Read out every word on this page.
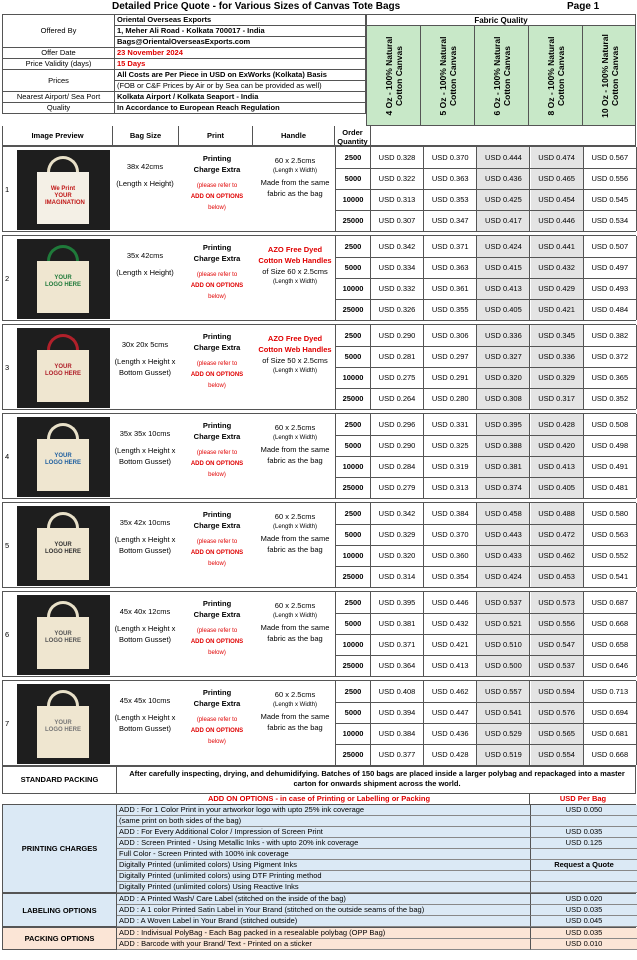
Detailed Price Quote - for Various Sizes of Canvas Tote Bags	Page 1
Offered By	Oriental Overseas Exports
	1, Meher Ali Road - Kolkata 700017 - India
	Bags@OrientalOverseasExports.com
Offer Date	23 November 2024
Price Validity (days)	15 Days
Prices	All Costs are Per Piece in USD on ExWorks (Kolkata) Basis
	(FOB or C&F Prices by Air or by Sea can be provided as well)
Nearest Airport/ Sea Port	Kolkata Airport / Kolkata Seaport - India
Quality	In Accordance to European Reach Regulation
Fabric Quality
4 Oz - 100% Natural Cotton Canvas	5 Oz - 100% Natural Cotton Canvas	6 Oz - 100% Natural Cotton Canvas	8 Oz - 100% Natural Cotton Canvas	10 Oz - 100% Natural Cotton Canvas
Image Preview	Bag Size	Print	Handle	Order Quantity
1	We Print YOUR IMAGINATION
38x 42cms
(Length x Height)
Printing Charge Extra
(please refer to
ADD ON OPTIONS
below)
60 x 2.5cms
(Length x Width)
Made from the same fabric as the bag
2500	USD 0.328	USD 0.370	USD 0.444	USD 0.474	USD 0.567
5000	USD 0.322	USD 0.363	USD 0.436	USD 0.465	USD 0.556
10000	USD 0.313	USD 0.353	USD 0.425	USD 0.454	USD 0.545
25000	USD 0.307	USD 0.347	USD 0.417	USD 0.446	USD 0.534
2	YOUR LOGO HERE
35x 42cms
(Length x Height)
Printing Charge Extra
(please refer to
ADD ON OPTIONS
below)
AZO Free Dyed Cotton Web Handles
of Size 60 x 2.5cms
(Length x Width)
2500	USD 0.342	USD 0.371	USD 0.424	USD 0.441	USD 0.507
5000	USD 0.334	USD 0.363	USD 0.415	USD 0.432	USD 0.497
10000	USD 0.332	USD 0.361	USD 0.413	USD 0.429	USD 0.493
25000	USD 0.326	USD 0.355	USD 0.405	USD 0.421	USD 0.484
3	YOUR LOGO HERE
30x 20x 5cms
(Length x Height x Bottom Gusset)
Printing Charge Extra
(please refer to
ADD ON OPTIONS
below)
AZO Free Dyed Cotton Web Handles
of Size 50 x 2.5cms
(Length x Width)
2500	USD 0.290	USD 0.306	USD 0.336	USD 0.345	USD 0.382
5000	USD 0.281	USD 0.297	USD 0.327	USD 0.336	USD 0.372
10000	USD 0.275	USD 0.291	USD 0.320	USD 0.329	USD 0.365
25000	USD 0.264	USD 0.280	USD 0.308	USD 0.317	USD 0.352
4	YOUR LOGO HERE
35x 35x 10cms
(Length x Height x Bottom Gusset)
Printing Charge Extra
(please refer to
ADD ON OPTIONS
below)
60 x 2.5cms
(Length x Width)
Made from the same fabric as the bag
2500	USD 0.296	USD 0.331	USD 0.395	USD 0.428	USD 0.508
5000	USD 0.290	USD 0.325	USD 0.388	USD 0.420	USD 0.498
10000	USD 0.284	USD 0.319	USD 0.381	USD 0.413	USD 0.491
25000	USD 0.279	USD 0.313	USD 0.374	USD 0.405	USD 0.481
5	YOUR LOGO HERE
35x 42x 10cms
(Length x Height x Bottom Gusset)
Printing Charge Extra
(please refer to
ADD ON OPTIONS
below)
60 x 2.5cms
(Length x Width)
Made from the same fabric as the bag
2500	USD 0.342	USD 0.384	USD 0.458	USD 0.488	USD 0.580
5000	USD 0.329	USD 0.370	USD 0.443	USD 0.472	USD 0.563
10000	USD 0.320	USD 0.360	USD 0.433	USD 0.462	USD 0.552
25000	USD 0.314	USD 0.354	USD 0.424	USD 0.453	USD 0.541
6	YOUR LOGO HERE
45x 40x 12cms
(Length x Height x Bottom Gusset)
Printing Charge Extra
(please refer to
ADD ON OPTIONS
below)
60 x 2.5cms
(Length x Width)
Made from the same fabric as the bag
2500	USD 0.395	USD 0.446	USD 0.537	USD 0.573	USD 0.687
5000	USD 0.381	USD 0.432	USD 0.521	USD 0.556	USD 0.668
10000	USD 0.371	USD 0.421	USD 0.510	USD 0.547	USD 0.658
25000	USD 0.364	USD 0.413	USD 0.500	USD 0.537	USD 0.646
7	YOUR LOGO HERE
45x 45x 10cms
(Length x Height x Bottom Gusset)
Printing Charge Extra
(please refer to
ADD ON OPTIONS
below)
60 x 2.5cms
(Length x Width)
Made from the same fabric as the bag
2500	USD 0.408	USD 0.462	USD 0.557	USD 0.594	USD 0.713
5000	USD 0.394	USD 0.447	USD 0.541	USD 0.576	USD 0.694
10000	USD 0.384	USD 0.436	USD 0.529	USD 0.565	USD 0.681
25000	USD 0.377	USD 0.428	USD 0.519	USD 0.554	USD 0.668
STANDARD PACKING
After carefully inspecting, drying, and dehumidifying. Batches of 150 bags are placed inside a larger polybag and repackaged into a master carton for onwards shipment across the world.
ADD ON OPTIONS - in case of Printing or Labelling or Packing	USD Per Bag
PRINTING CHARGES
ADD : For 1 Color Print in your artworkor logo with upto 25% ink coverage	USD 0.050
(same print on both sides of the bag)
ADD : For Every Additional Color / Impression of Screen Print	USD 0.035
ADD : Screen Printed - Using Metallic Inks - with upto 20% ink coverage	USD 0.125
Full Color - Screen Printed with 100% ink coverage
Digitally Printed (unlimited colors) Using Pigment Inks	Request a Quote
Digitally Printed (unlimited colors) using DTF Printing method
Digitally Printed (unlimited colors) Using Reactive Inks
LABELING OPTIONS
ADD : A Printed Wash/ Care Label (stitched on the inside of the bag)	USD 0.020
ADD : A 1 color Printed Satin Label in Your Brand (stitched on the outside seams of the bag)	USD 0.035
ADD : A Woven Label in Your Brand (stitched outside)	USD 0.045
PACKING OPTIONS
ADD : Indivisual PolyBag - Each Bag packed in a resealable polybag (OPP Bag)	USD 0.035
ADD : Barcode with your Brand/ Text - Printed on a sticker	USD 0.010
